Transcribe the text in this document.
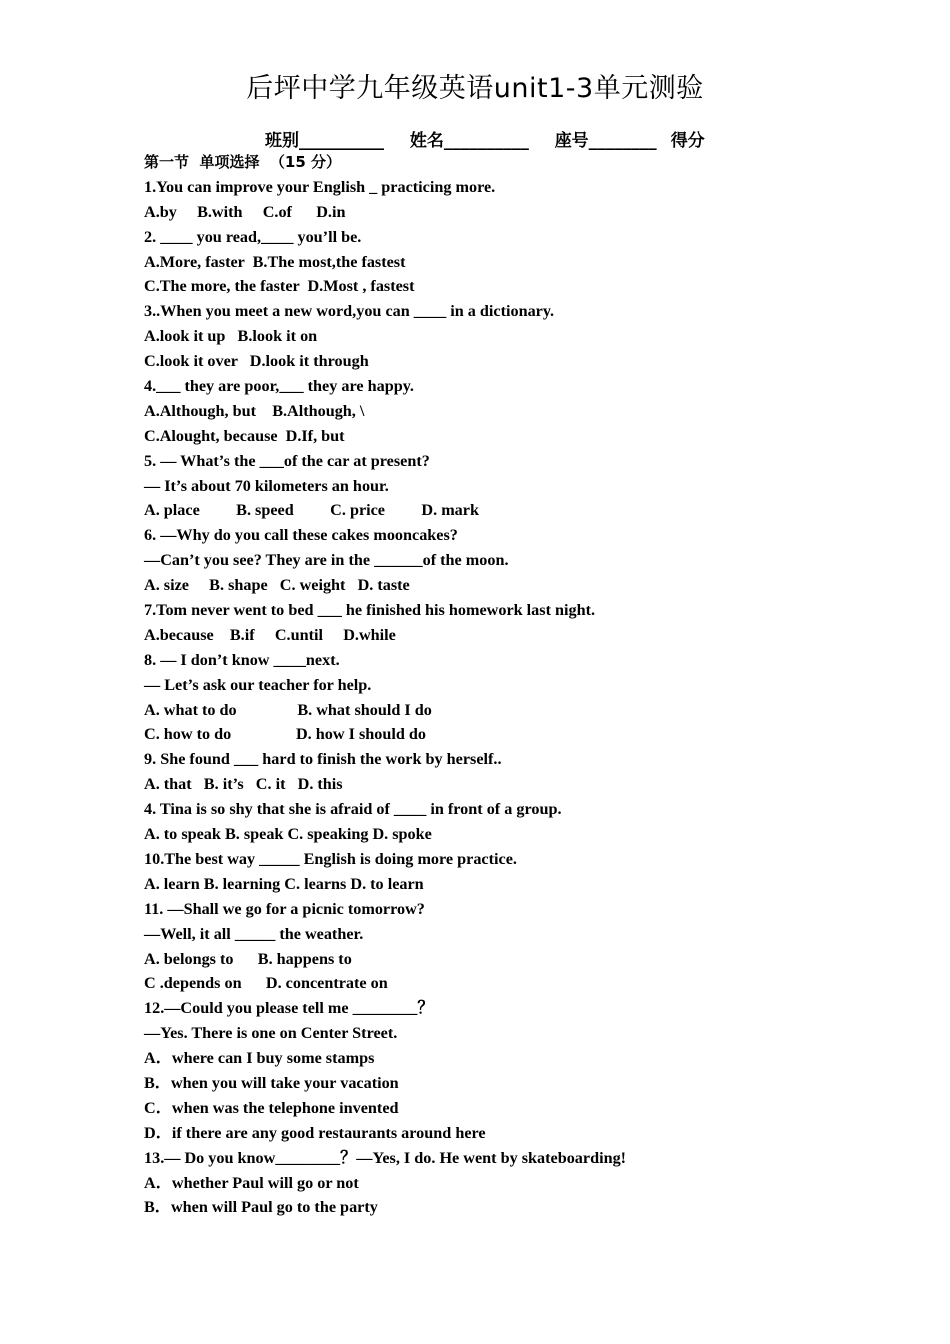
后坪中学九年级英语unit1-3单元测验
班别__________ 姓名__________ 座号________ 得分
第一节  单项选择  （15 分）
1.You can improve your English _ practicing more.
A.by     B.with     C.of      D.in
2. ____ you read,____ you’ll be.
A.More, faster  B.The most,the fastest
C.The more, the faster  D.Most , fastest
3..When you meet a new word,you can ____ in a dictionary.
A.look it up   B.look it on
C.look it over   D.look it through
4.___ they are poor,___ they are happy.
A.Although, but    B.Although, \
C.Alought, because  D.If, but
5. — What’s the ___of the car at present?
— It’s about 70 kilometers an hour.
A. place         B. speed         C. price         D. mark
6. —Why do you call these cakes mooncakes?
—Can’t you see? They are in the ______of the moon.
A. size     B. shape   C. weight   D. taste
7.Tom never went to bed ___ he finished his homework last night.
A.because    B.if     C.until     D.while
8. — I don’t know ____next.
— Let’s ask our teacher for help.
A. what to do               B. what should I do
C. how to do                D. how I should do
9. She found ___ hard to finish the work by herself..
A. that   B. it’s   C. it   D. this
4. Tina is so shy that she is afraid of ____ in front of a group.
A. to speak B. speak C. speaking D. spoke
10.The best way _____ English is doing more practice.
A. learn B. learning C. learns D. to learn
11. —Shall we go for a picnic tomorrow?
—Well, it all _____ the weather.
A. belongs to      B. happens to
C .depends on      D. concentrate on
12.—Could you please tell me ________？
—Yes. There is one on Center Street.
A．where can I buy some stamps
B．when you will take your vacation
C．when was the telephone invented
D．if there are any good restaurants around here
13.— Do you know________？—Yes, I do. He went by skateboarding!
A．whether Paul will go or not
B．when will Paul go to the party
